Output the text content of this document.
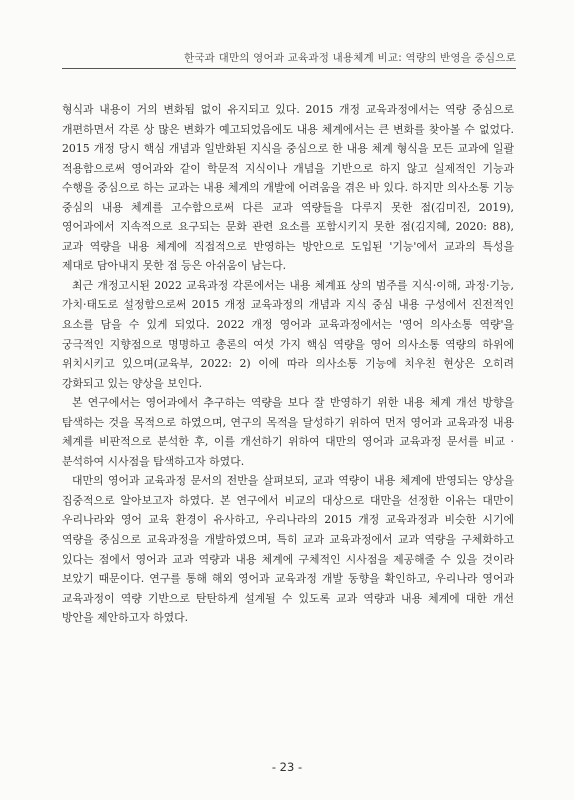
한국과 대만의 영어과 교육과정 내용체계 비교: 역량의 반영을 중심으로

형식과 내용이 거의 변화됨 없이 유지되고 있다. 2015 개정 교육과정에서는 역량 중심으로 개편하면서 각론 상 많은 변화가 예고되었음에도 내용 체계에서는 큰 변화를 찾아볼 수 없었다. 2015 개정 당시 핵심 개념과 일반화된 지식을 중심으로 한 내용 체계 형식을 모든 교과에 일괄 적용함으로써 영어과와 같이 학문적 지식이나 개념을 기반으로 하지 않고 실제적인 기능과 수행을 중심으로 하는 교과는 내용 체계의 개발에 어려움을 겪은 바 있다. 하지만 의사소통 기능 중심의 내용 체계를 고수함으로써 다른 교과 역량들을 다루지 못한 점(김미진, 2019), 영어과에서 지속적으로 요구되는 문화 관련 요소를 포함시키지 못한 점(김지혜, 2020: 88), 교과 역량을 내용 체계에 직접적으로 반영하는 방안으로 도입된 '기능'에서 교과의 특성을 제대로 담아내지 못한 점 등은 아쉬움이 남는다.

최근 개정고시된 2022 교육과정 각론에서는 내용 체계표 상의 범주를 지식·이해, 과정·기능, 가치·태도로 설정함으로써 2015 개정 교육과정의 개념과 지식 중심 내용 구성에서 진전적인 요소를 담을 수 있게 되었다. 2022 개정 영어과 교육과정에서는 '영어 의사소통 역량'을 궁극적인 지향점으로 명명하고 총론의 여섯 가지 핵심 역량을 영어 의사소통 역량의 하위에 위치시키고 있으며(교육부, 2022: 2) 이에 따라 의사소통 기능에 치우친 현상은 오히려 강화되고 있는 양상을 보인다.

본 연구에서는 영어과에서 추구하는 역량을 보다 잘 반영하기 위한 내용 체계 개선 방향을 탐색하는 것을 목적으로 하였으며, 연구의 목적을 달성하기 위하여 먼저 영어과 교육과정 내용 체계를 비판적으로 분석한 후, 이를 개선하기 위하여 대만의 영어과 교육과정 문서를 비교 · 분석하여 시사점을 탐색하고자 하였다.

대만의 영어과 교육과정 문서의 전반을 살펴보되, 교과 역량이 내용 체계에 반영되는 양상을 집중적으로 알아보고자 하였다. 본 연구에서 비교의 대상으로 대만을 선정한 이유는 대만이 우리나라와 영어 교육 환경이 유사하고, 우리나라의 2015 개정 교육과정과 비슷한 시기에 역량을 중심으로 교육과정을 개발하였으며, 특히 교과 교육과정에서 교과 역량을 구체화하고 있다는 점에서 영어과 교과 역량과 내용 체계에 구체적인 시사점을 제공해줄 수 있을 것이라 보았기 때문이다. 연구를 통해 해외 영어과 교육과정 개발 동향을 확인하고, 우리나라 영어과 교육과정이 역량 기반으로 탄탄하게 설계될 수 있도록 교과 역량과 내용 체계에 대한 개선 방안을 제안하고자 하였다.

- 23 -
